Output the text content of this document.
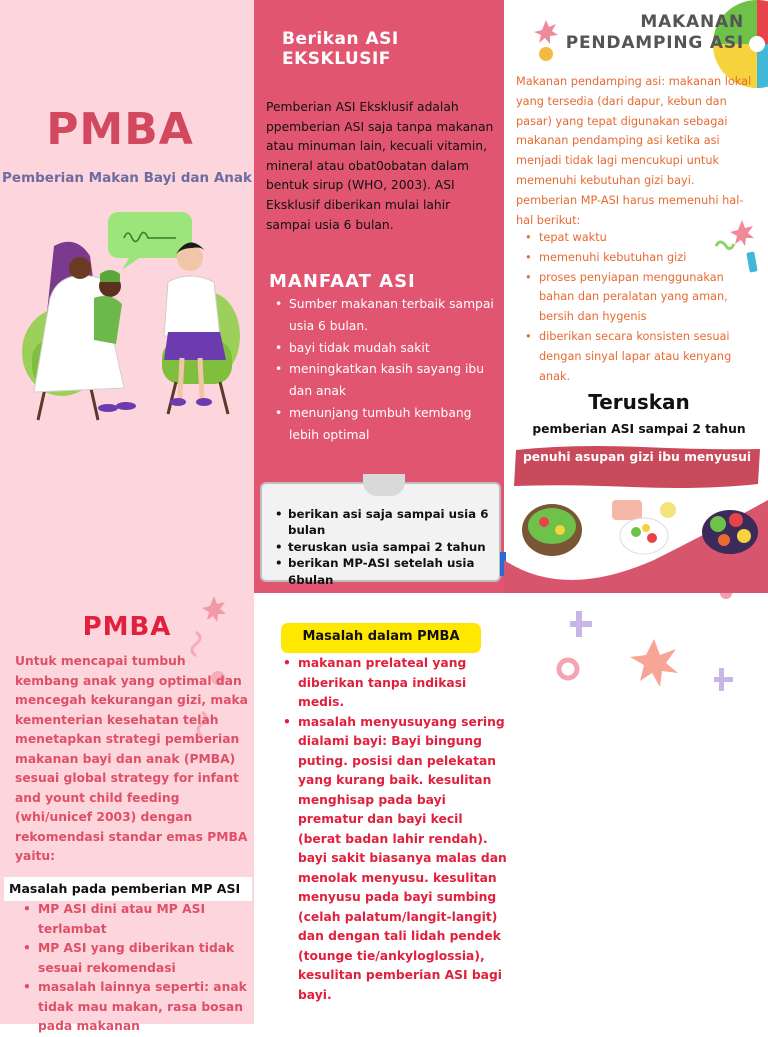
PMBA
Pemberian Makan Bayi dan Anak
Berikan ASI EKSKLUSIF
Pemberian ASI Eksklusif adalah ppemberian ASI saja tanpa makanan atau minuman lain, kecuali vitamin, mineral atau obat0obatan dalam bentuk sirup (WHO, 2003). ASI Eksklusif diberikan mulai lahir sampai usia 6 bulan.
MANFAAT ASI
• Sumber makanan terbaik sampai usia 6 bulan.
• bayi tidak mudah sakit
• meningkatkan kasih sayang ibu dan anak
• menunjang tumbuh kembang lebih optimal
• berikan asi saja sampai usia 6 bulan
• teruskan usia sampai 2 tahun
• berikan MP-ASI setelah usia 6bulan
MAKANAN PENDAMPING ASI
Makanan pendamping asi: makanan lokal yang tersedia (dari dapur, kebun dan pasar) yang tepat digunakan sebagai makanan pendamping asi ketika asi menjadi tidak lagi mencukupi untuk memenuhi kebutuhan gizi bayi. pemberian MP-ASI harus memenuhi hal-hal berikut:
• tepat waktu
• memenuhi kebutuhan gizi
• proses penyiapan menggunakan bahan dan peralatan yang aman, bersih dan hygenis
• diberikan secara konsisten sesuai dengan sinyal lapar atau kenyang anak.
Teruskan
pemberian ASI sampai 2 tahun
penuhi asupan gizi ibu menyusui
PMBA
Untuk mencapai tumbuh kembang anak yang optimal dan mencegah kekurangan gizi, maka kementerian kesehatan telah menetapkan strategi pemberian makanan bayi dan anak (PMBA) sesuai global strategy for infant and yount child feeding (whi/unicef 2003) dengan rekomendasi standar emas PMBA yaitu:
Masalah pada pemberian MP ASI
• MP ASI dini atau MP ASI terlambat
• MP ASI yang diberikan tidak sesuai rekomendasi
• masalah lainnya seperti: anak tidak mau makan, rasa bosan pada makanan
Masalah dalam PMBA
• makanan prelateal yang diberikan tanpa indikasi medis.
• masalah menyusuyang sering dialami bayi: Bayi bingung puting. posisi dan pelekatan yang kurang baik. kesulitan menghisap pada bayi prematur dan bayi kecil (berat badan lahir rendah). bayi sakit biasanya malas dan menolak menyusu. kesulitan menyusu pada bayi sumbing (celah palatum/langit-langit) dan dengan tali lidah pendek (tounge tie/ankyloglossia), kesulitan pemberian ASI bagi bayi.
